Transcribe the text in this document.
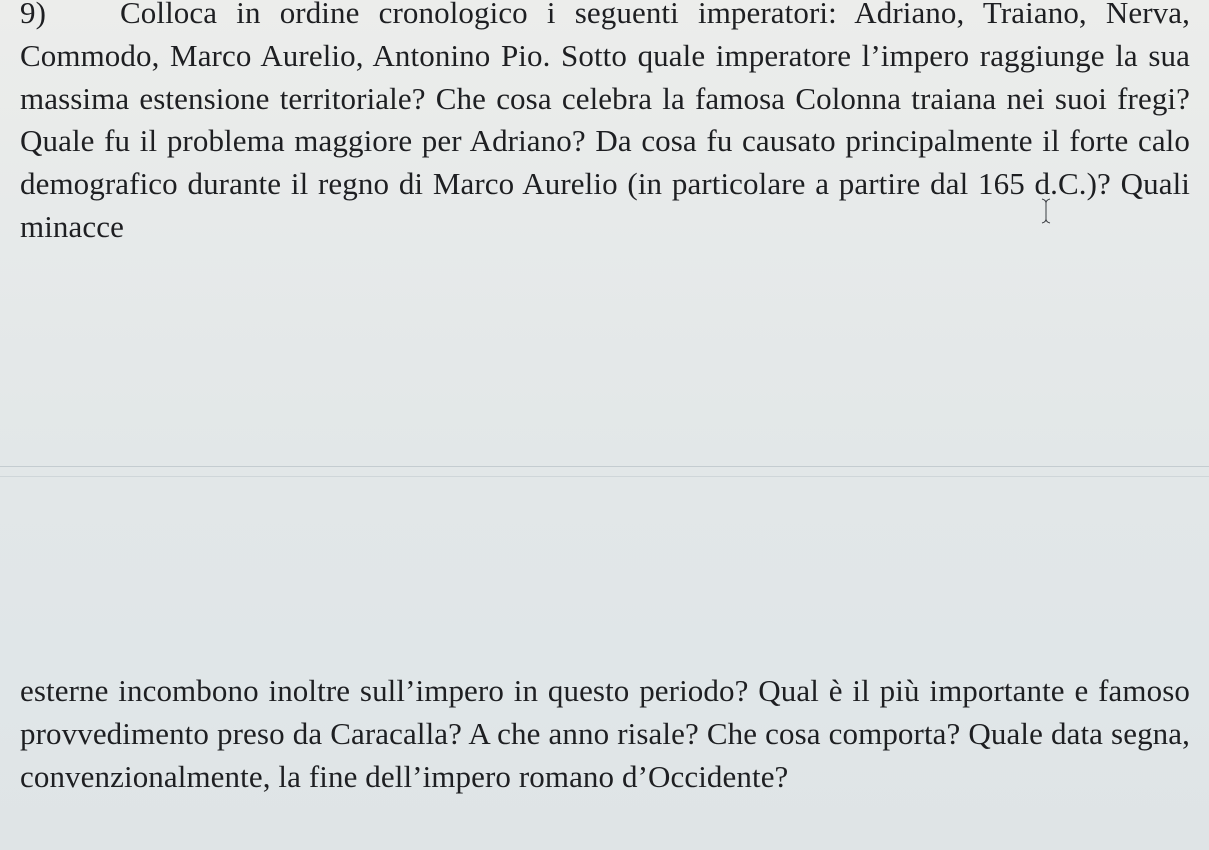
9) Colloca in ordine cronologico i seguenti imperatori: Adriano, Traiano, Nerva, Commodo, Marco Aurelio, Antonino Pio. Sotto quale imperatore l’impero raggiunge la sua massima estensione territoriale? Che cosa celebra la famosa Colonna traiana nei suoi fregi? Quale fu il problema maggiore per Adriano? Da cosa fu causato principalmente il forte calo demografico durante il regno di Marco Aurelio (in particolare a partire dal 165 d.C.)? Quali minacce

esterne incombono inoltre sull’impero in questo periodo? Qual è il più importante e famoso provvedimento preso da Caracalla? A che anno risale? Che cosa comporta? Quale data segna, convenzionalmente, la fine dell’impero romano d’Occidente?
